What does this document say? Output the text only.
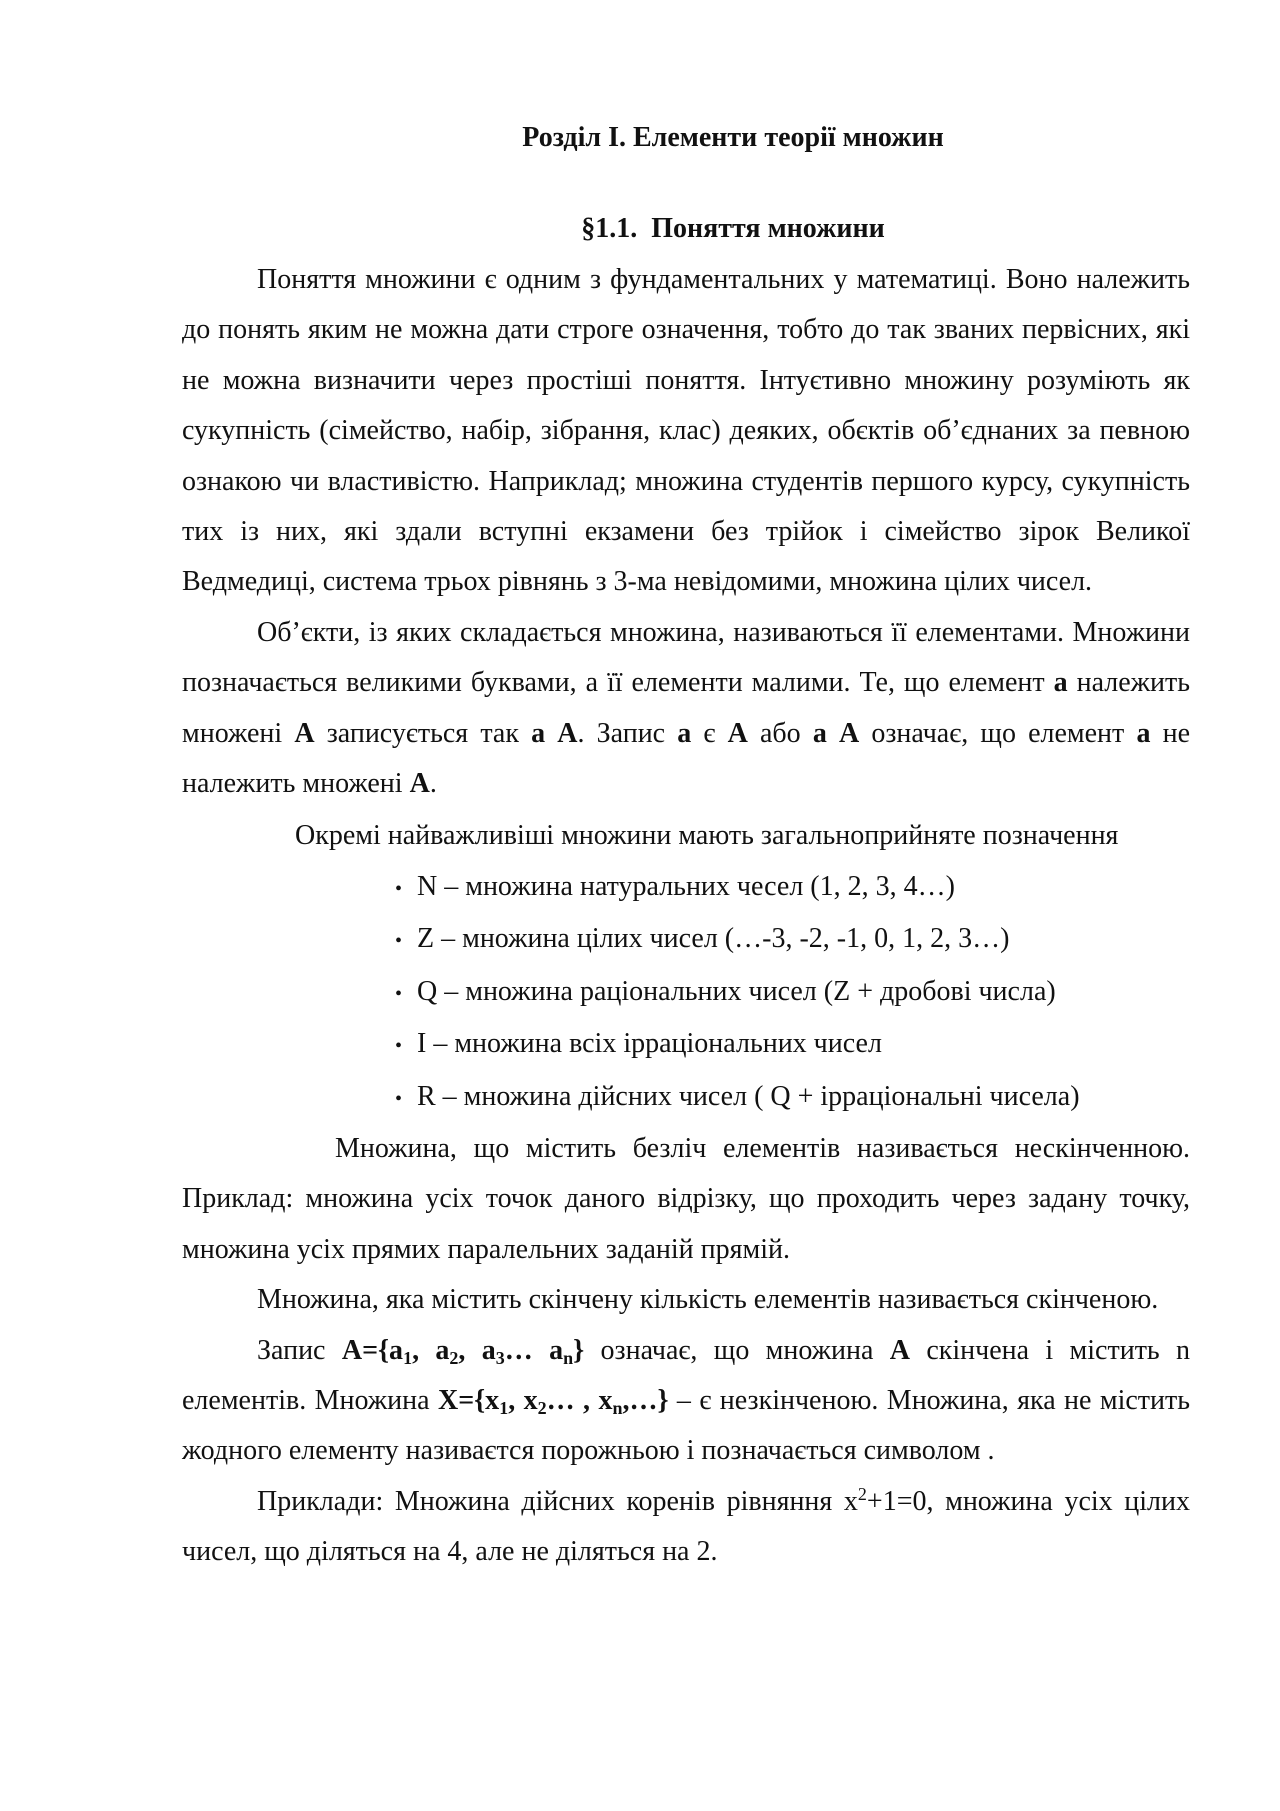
Розділ І. Елементи теорії множин
§1.1.  Поняття множини

Поняття множини є одним з фундаментальних у математиці. Воно належить до понять яким не можна дати строге означення, тобто до так званих первісних, які не можна визначити через простіші поняття. Інтуєтивно множину розуміють як сукупність (сімейство, набір, зібрання, клас) деяких, обєктів об’єднаних за певною ознакою чи властивістю. Наприклад; множина студентів першого курсу, сукупність тих із них, які здали вступні екзамени без трійок і сімейство зірок Великої Ведмедиці, система трьох рівнянь з 3-ма невідомими, множина цілих чисел.

Об’єкти, із яких складається множина, називаються її елементами. Множини позначається великими буквами, а її елементи малими. Те, що елемент a належить множені A записується так a A. Запис a є A або a A означає, що елемент a не належить множені A.

Окремі найважливіші множини мають загальноприйняте позначення

• N – множина натуральних чесел (1, 2, 3, 4…)
• Z – множина цілих чисел (…-3, -2, -1, 0, 1, 2, 3…)
• Q – множина раціональних чисел (Z + дробові числа)
• I – множина всіх ірраціональних чисел
• R – множина дійсних чисел ( Q + ірраціональні чисела)

Множина, що містить безліч елементів називається нескінченною. Приклад: множина усіх точок даного відрізку, що проходить через задану точку, множина усіх прямих паралельних заданій прямій.

Множина, яка містить скінчену кількість елементів називається скінченою.

Запис $A=\{a_1$, $a_2$, $a_3\dots$ $a_n$} означає, що множина A скінчена і містить n елементів. Множина $X=\{x_1$, $x_2\dots$ , $x_n,\dots$} – є незкінченою. Множина, яка не містить жодного елементу називаєтся порожньою і позначається символом .

Приклади: Множина дійсних коренів рівняння $x^2+1=0$, множина усіх цілих чисел, що діляться на 4, але не діляться на 2.
